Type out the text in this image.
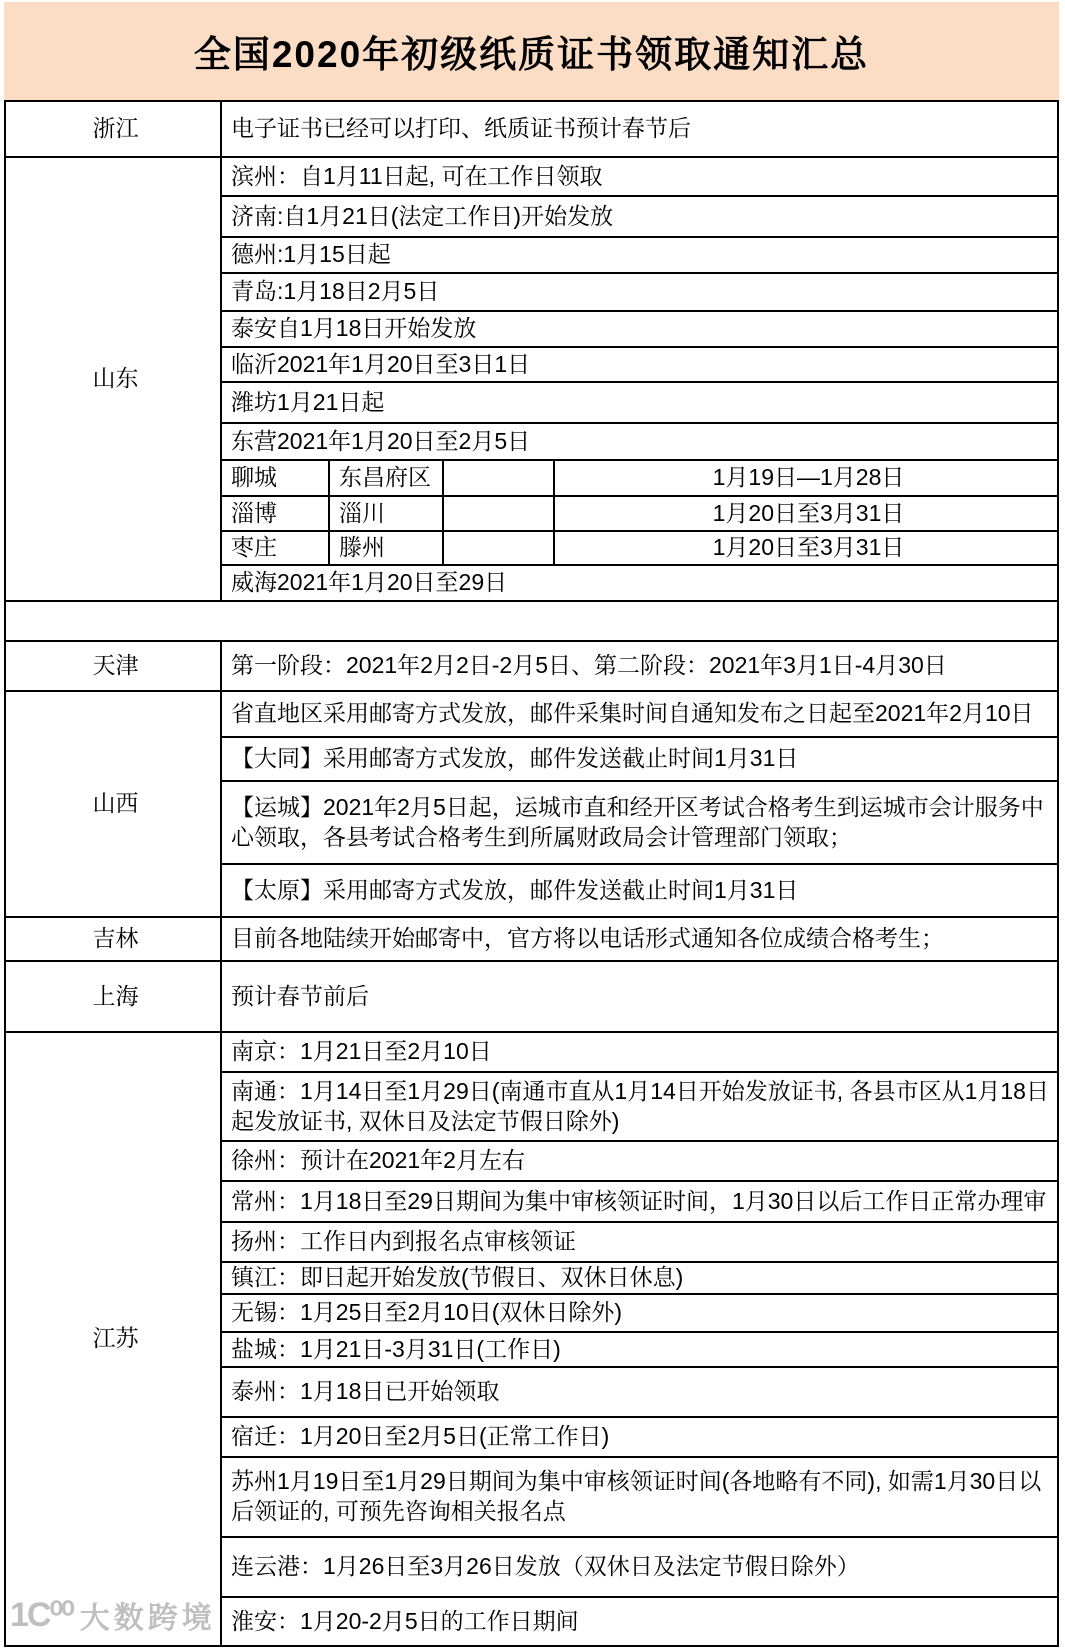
全国2020年初级纸质证书领取通知汇总
浙江	电子证书已经可以打印、纸质证书预计春节后			
山东	滨州：自1月11日起, 可在工作日领取			
	济南:自1月21日(法定工作日)开始发放			
	德州:1月15日起			
	青岛:1月18日2月5日			
	泰安自1月18日开始发放			
	临沂2021年1月20日至3日1日			
	潍坊1月21日起			
	东营2021年1月20日至2月5日			
	聊城	东昌府区		1月19日—1月28日
	淄博	淄川		1月20日至3月31日
	枣庄	滕州		1月20日至3月31日
	威海2021年1月20日至29日			

天津	第一阶段：2021年2月2日-2月5日、第二阶段：2021年3月1日-4月30日			
山西	省直地区采用邮寄方式发放，邮件采集时间自通知发布之日起至2021年2月10日			
	【大同】采用邮寄方式发放，邮件发送截止时间1月31日			
	【运城】2021年2月5日起，运城市直和经开区考试合格考生到运城市会计服务中心领取，各县考试合格考生到所属财政局会计管理部门领取；			
	【太原】采用邮寄方式发放，邮件发送截止时间1月31日			
吉林	目前各地陆续开始邮寄中，官方将以电话形式通知各位成绩合格考生；			
上海	预计春节前后			
江苏	南京：1月21日至2月10日			
	南通：1月14日至1月29日(南通市直从1月14日开始发放证书, 各县市区从1月18日起发放证书, 双休日及法定节假日除外)			
	徐州：预计在2021年2月左右			
	常州：1月18日至29日期间为集中审核领证时间，1月30日以后工作日正常办理审			
	扬州：工作日内到报名点审核领证			
	镇江：即日起开始发放(节假日、双休日休息)			
	无锡：1月25日至2月10日(双休日除外)			
	盐城：1月21日-3月31日(工作日)			
	泰州：1月18日已开始领取			
	宿迁：1月20日至2月5日(正常工作日)			
	苏州1月19日至1月29日期间为集中审核领证时间(各地略有不同), 如需1月30日以后领证的, 可预先咨询相关报名点			
	连云港：1月26日至3月26日发放（双休日及法定节假日除外）			
	淮安：1月20-2月5日的工作日期间			
1C⁰⁰ 大数跨境
